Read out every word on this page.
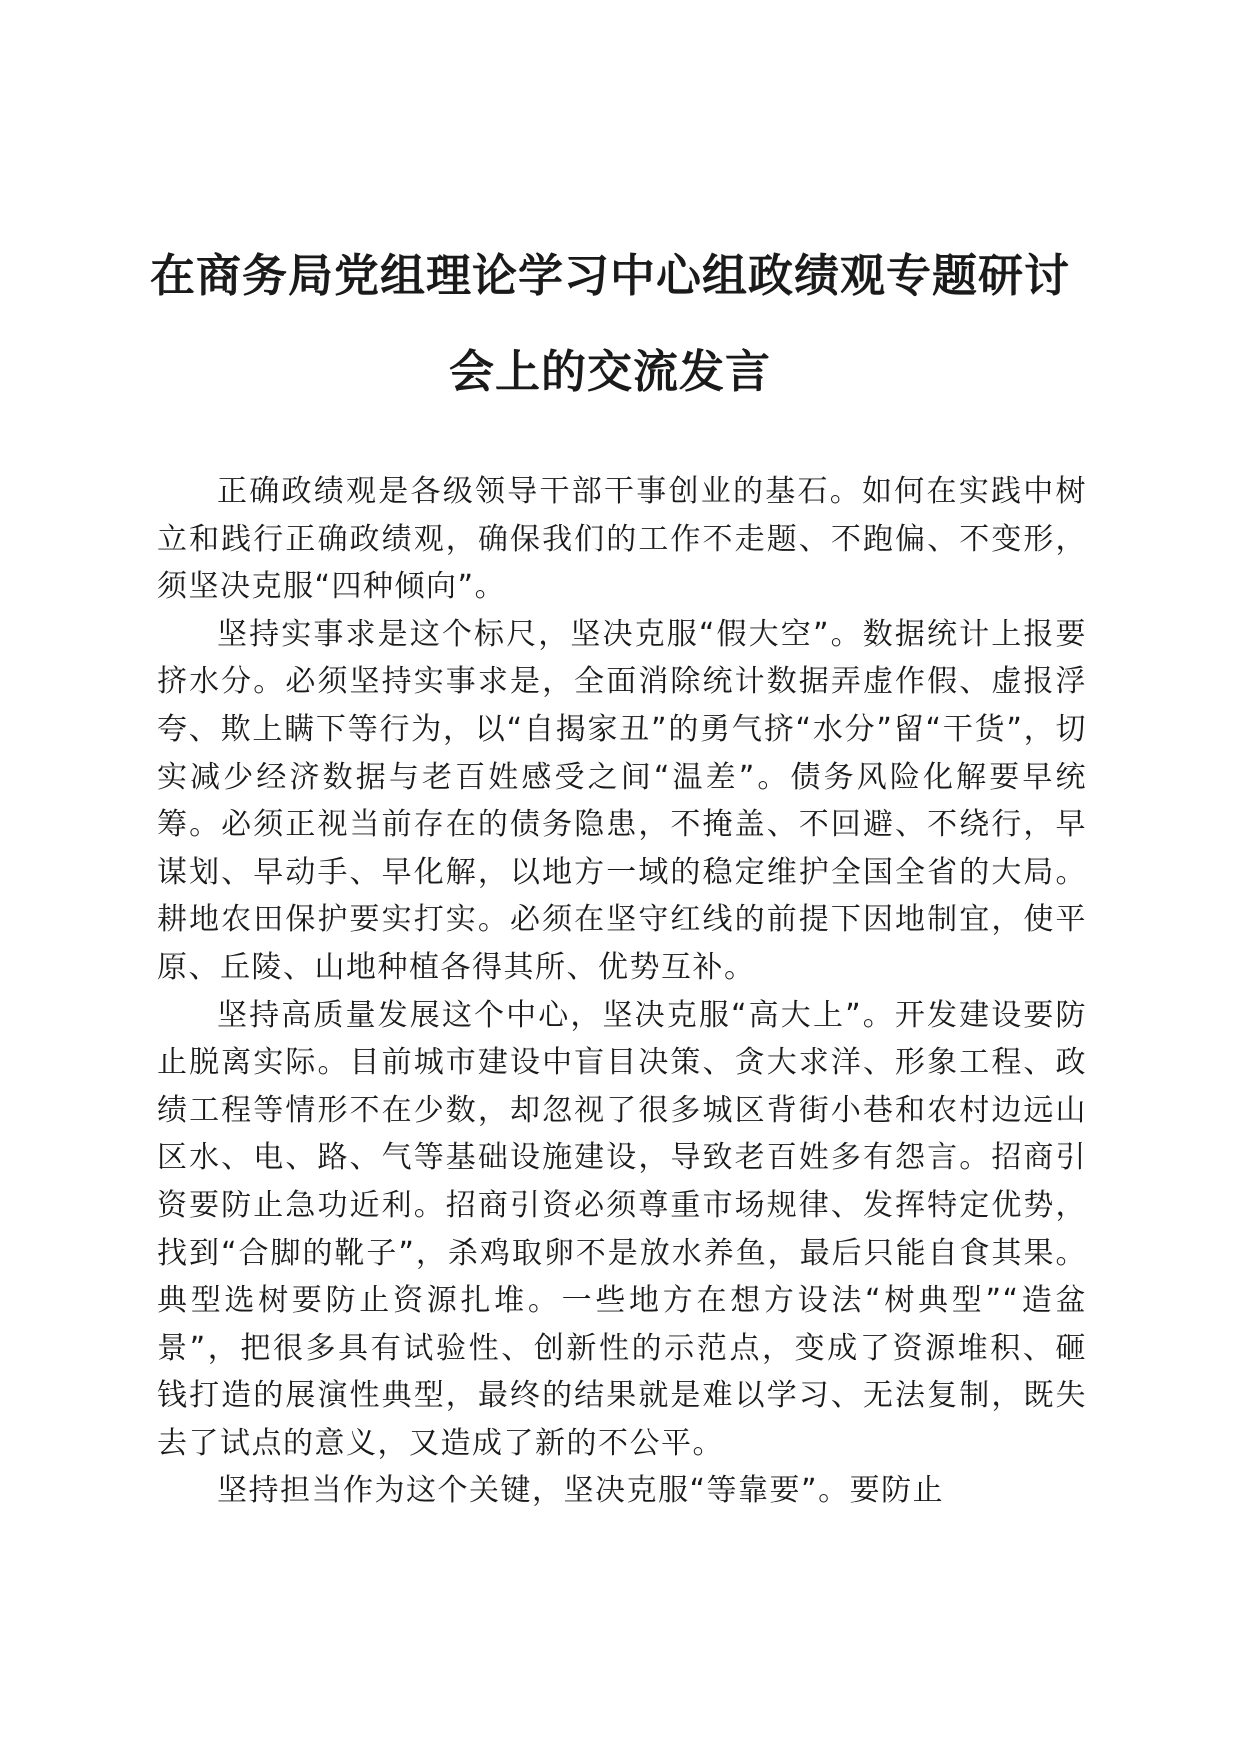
在商务局党组理论学习中心组政绩观专题研讨
会上的交流发言

正确政绩观是各级领导干部干事创业的基石。如何在实践中树立和践行正确政绩观，确保我们的工作不走题、不跑偏、不变形，须坚决克服“四种倾向”。

坚持实事求是这个标尺，坚决克服“假大空”。数据统计上报要挤水分。必须坚持实事求是，全面消除统计数据弄虚作假、虚报浮夸、欺上瞒下等行为，以“自揭家丑”的勇气挤“水分”留“干货”，切实减少经济数据与老百姓感受之间“温差”。债务风险化解要早统筹。必须正视当前存在的债务隐患，不掩盖、不回避、不绕行，早谋划、早动手、早化解，以地方一域的稳定维护全国全省的大局。耕地农田保护要实打实。必须在坚守红线的前提下因地制宜，使平原、丘陵、山地种植各得其所、优势互补。

坚持高质量发展这个中心，坚决克服“高大上”。开发建设要防止脱离实际。目前城市建设中盲目决策、贪大求洋、形象工程、政绩工程等情形不在少数，却忽视了很多城区背街小巷和农村边远山区水、电、路、气等基础设施建设，导致老百姓多有怨言。招商引资要防止急功近利。招商引资必须尊重市场规律、发挥特定优势，找到“合脚的靴子”，杀鸡取卵不是放水养鱼，最后只能自食其果。典型选树要防止资源扎堆。一些地方在想方设法“树典型”“造盆景”，把很多具有试验性、创新性的示范点，变成了资源堆积、砸钱打造的展演性典型，最终的结果就是难以学习、无法复制，既失去了试点的意义，又造成了新的不公平。

坚持担当作为这个关键，坚决克服“等靠要”。要防止
